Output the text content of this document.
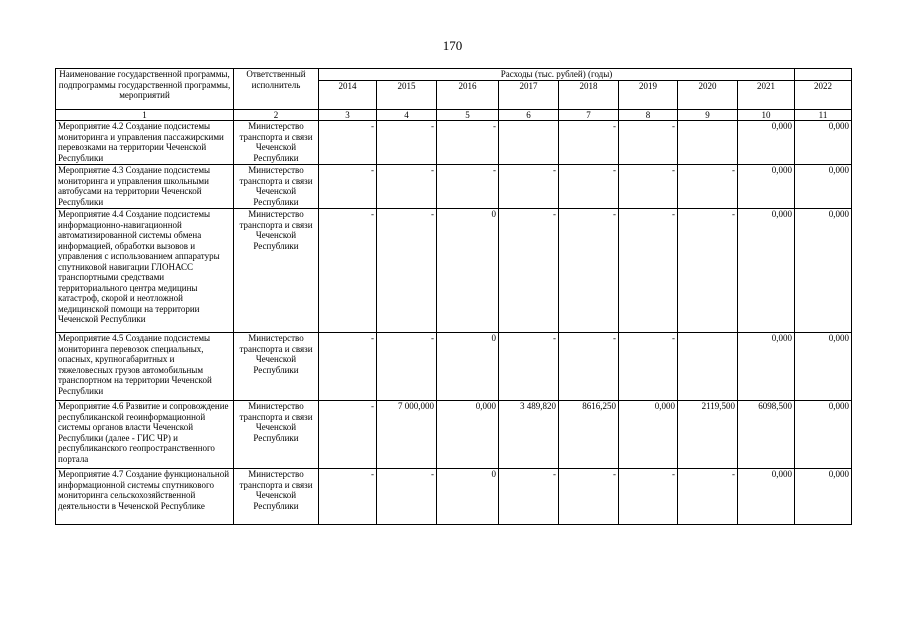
170
Наименование государственной программы, подпрограммы государственной программы, мероприятий	Ответственный исполнитель	Расходы (тыс. рублей) (годы)								
		2014	2015	2016	2017	2018	2019	2020	2021	2022
1	2	3	4	5	6	7	8	9	10	11
Мероприятие 4.2 Создание подсистемы мониторинга и управления пассажирскими перевозками на территории Чеченской Республики	Министерство транспорта и связи Чеченской Республики	-	-	-		-	-		0,000	0,000
Мероприятие 4.3 Создание подсистемы мониторинга и управления школьными автобусами на территории Чеченской Республики	Министерство транспорта и связи Чеченской Республики	-	-	-	-	-	-	-	0,000	0,000
Мероприятие 4.4 Создание подсистемы информационно-навигационной автоматизированной системы обмена информацией, обработки вызовов и управления с использованием аппаратуры спутниковой навигации ГЛОНАСС транспортными средствами территориального центра медицины катастроф, скорой и неотложной медицинской помощи на территории Чеченской Республики	Министерство транспорта и связи Чеченской Республики	-	-	0	-	-	-	-	0,000	0,000
Мероприятие 4.5 Создание подсистемы мониторинга перевозок специальных, опасных, крупногабаритных и тяжеловесных грузов автомобильным транспортном на территории Чеченской Республики	Министерство транспорта и связи Чеченской Республики	-	-	0	-	-	-		0,000	0,000
Мероприятие 4.6 Развитие и сопровождение республиканской геоинформационной системы органов власти Чеченской Республики (далее - ГИС ЧР) и республиканского геопространственного портала	Министерство транспорта и связи Чеченской Республики	-	7 000,000	0,000	3 489,820	8616,250	0,000	2119,500	6098,500	0,000
Мероприятие 4.7 Создание функциональной информационной системы спутникового мониторинга сельскохозяйственной деятельности в Чеченской Республике	Министерство транспорта и связи Чеченской Республики	-	-	0	-	-	-	-	0,000	0,000
